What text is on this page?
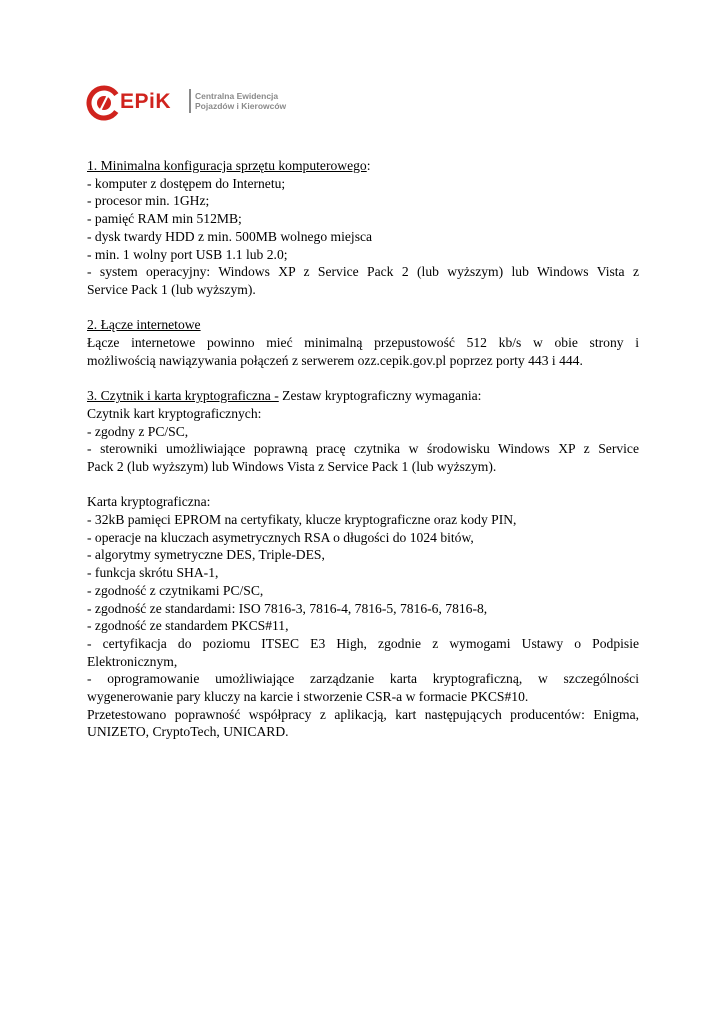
EPiK	Centralna Ewidencja
Pojazdów i Kierowców

1. Minimalna konfiguracja sprzętu komputerowego:

- komputer z dostępem do Internetu;

- procesor min. 1GHz;

- pamięć RAM min 512MB;

- dysk twardy HDD z min. 500MB wolnego miejsca

- min. 1 wolny port USB 1.1 lub 2.0;

- system operacyjny: Windows XP z Service Pack 2 (lub wyższym) lub Windows Vista z

Service Pack 1 (lub wyższym).

2. Łącze internetowe

Łącze internetowe powinno mieć minimalną przepustowość 512 kb/s w obie strony i

możliwością nawiązywania połączeń z serwerem ozz.cepik.gov.pl poprzez porty 443 i 444.

3. Czytnik i karta kryptograficzna - Zestaw kryptograficzny wymagania:

Czytnik kart kryptograficznych:

- zgodny z PC/SC,

- sterowniki umożliwiające poprawną pracę czytnika w środowisku Windows XP z Service

Pack 2 (lub wyższym) lub Windows Vista z Service Pack 1 (lub wyższym).

Karta kryptograficzna:

- 32kB pamięci EPROM na certyfikaty, klucze kryptograficzne oraz kody PIN,

- operacje na kluczach asymetrycznych RSA o długości do 1024 bitów,

- algorytmy symetryczne DES, Triple-DES,

- funkcja skrótu SHA-1,

- zgodność z czytnikami PC/SC,

- zgodność ze standardami: ISO 7816-3, 7816-4, 7816-5, 7816-6, 7816-8,

- zgodność ze standardem PKCS#11,

- certyfikacja do poziomu ITSEC E3 High, zgodnie z wymogami Ustawy o Podpisie

Elektronicznym,

- oprogramowanie umożliwiające zarządzanie karta kryptograficzną, w szczególności

wygenerowanie pary kluczy na karcie i stworzenie CSR-a w formacie PKCS#10.

Przetestowano poprawność współpracy z aplikacją, kart następujących producentów: Enigma,

UNIZETO, CryptoTech, UNICARD.
